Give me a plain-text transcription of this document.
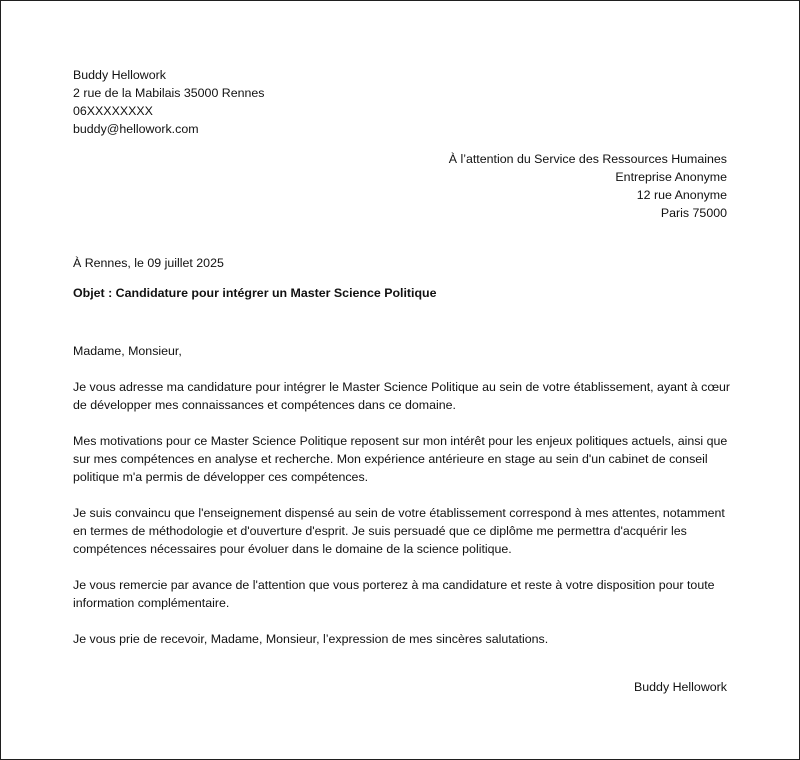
Buddy Hellowork
2 rue de la Mabilais 35000 Rennes
06XXXXXXXX
buddy@hellowork.com
À l’attention du Service des Ressources Humaines
Entreprise Anonyme
12 rue Anonyme
Paris 75000
À Rennes, le 09 juillet 2025
Objet : Candidature pour intégrer un Master Science Politique

Madame, Monsieur,

Je vous adresse ma candidature pour intégrer le Master Science Politique au sein de votre établissement, ayant à cœur de développer mes connaissances et compétences dans ce domaine.

Mes motivations pour ce Master Science Politique reposent sur mon intérêt pour les enjeux politiques actuels, ainsi que sur mes compétences en analyse et recherche. Mon expérience antérieure en stage au sein d'un cabinet de conseil politique m'a permis de développer ces compétences.

Je suis convaincu que l'enseignement dispensé au sein de votre établissement correspond à mes attentes, notamment en termes de méthodologie et d'ouverture d'esprit. Je suis persuadé que ce diplôme me permettra d'acquérir les compétences nécessaires pour évoluer dans le domaine de la science politique.

Je vous remercie par avance de l'attention que vous porterez à ma candidature et reste à votre disposition pour toute information complémentaire.

Je vous prie de recevoir, Madame, Monsieur, l’expression de mes sincères salutations.

Buddy Hellowork
